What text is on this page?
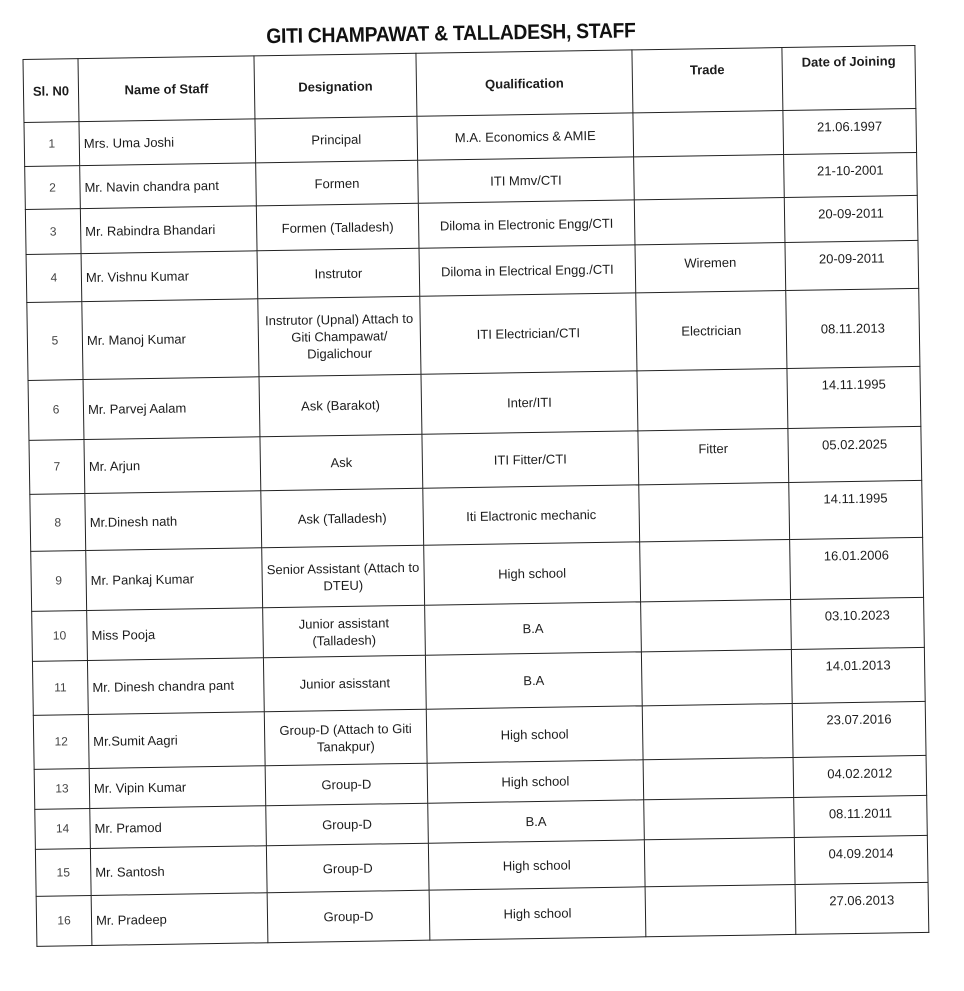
GITI CHAMPAWAT & TALLADESH, STAFF
Sl. N0	Name of Staff	Designation	Qualification	Trade	Date of Joining
1	Mrs. Uma Joshi	Principal	M.A. Economics & AMIE		21.06.1997
2	Mr. Navin chandra pant	Formen	ITI Mmv/CTI		21-10-2001
3	Mr. Rabindra Bhandari	Formen (Talladesh)	Diloma in Electronic Engg/CTI		20-09-2011
4	Mr. Vishnu Kumar	Instrutor	Diloma in Electrical Engg./CTI	Wiremen	20-09-2011
5	Mr. Manoj Kumar	Instrutor (Upnal) Attach to Giti Champawat/ Digalichour	ITI Electrician/CTI	Electrician	08.11.2013
6	Mr. Parvej Aalam	Ask (Barakot)	Inter/ITI		14.11.1995
7	Mr. Arjun	Ask	ITI Fitter/CTI	Fitter	05.02.2025
8	Mr.Dinesh nath	Ask (Talladesh)	Iti Elactronic mechanic		14.11.1995
9	Mr. Pankaj Kumar	Senior Assistant (Attach to DTEU)	High school		16.01.2006
10	Miss Pooja	Junior assistant (Talladesh)	B.A		03.10.2023
11	Mr. Dinesh chandra pant	Junior asisstant	B.A		14.01.2013
12	Mr.Sumit Aagri	Group-D (Attach to Giti Tanakpur)	High school		23.07.2016
13	Mr. Vipin Kumar	Group-D	High school		04.02.2012
14	Mr. Pramod	Group-D	B.A		08.11.2011
15	Mr. Santosh	Group-D	High school		04.09.2014
16	Mr. Pradeep	Group-D	High school		27.06.2013
